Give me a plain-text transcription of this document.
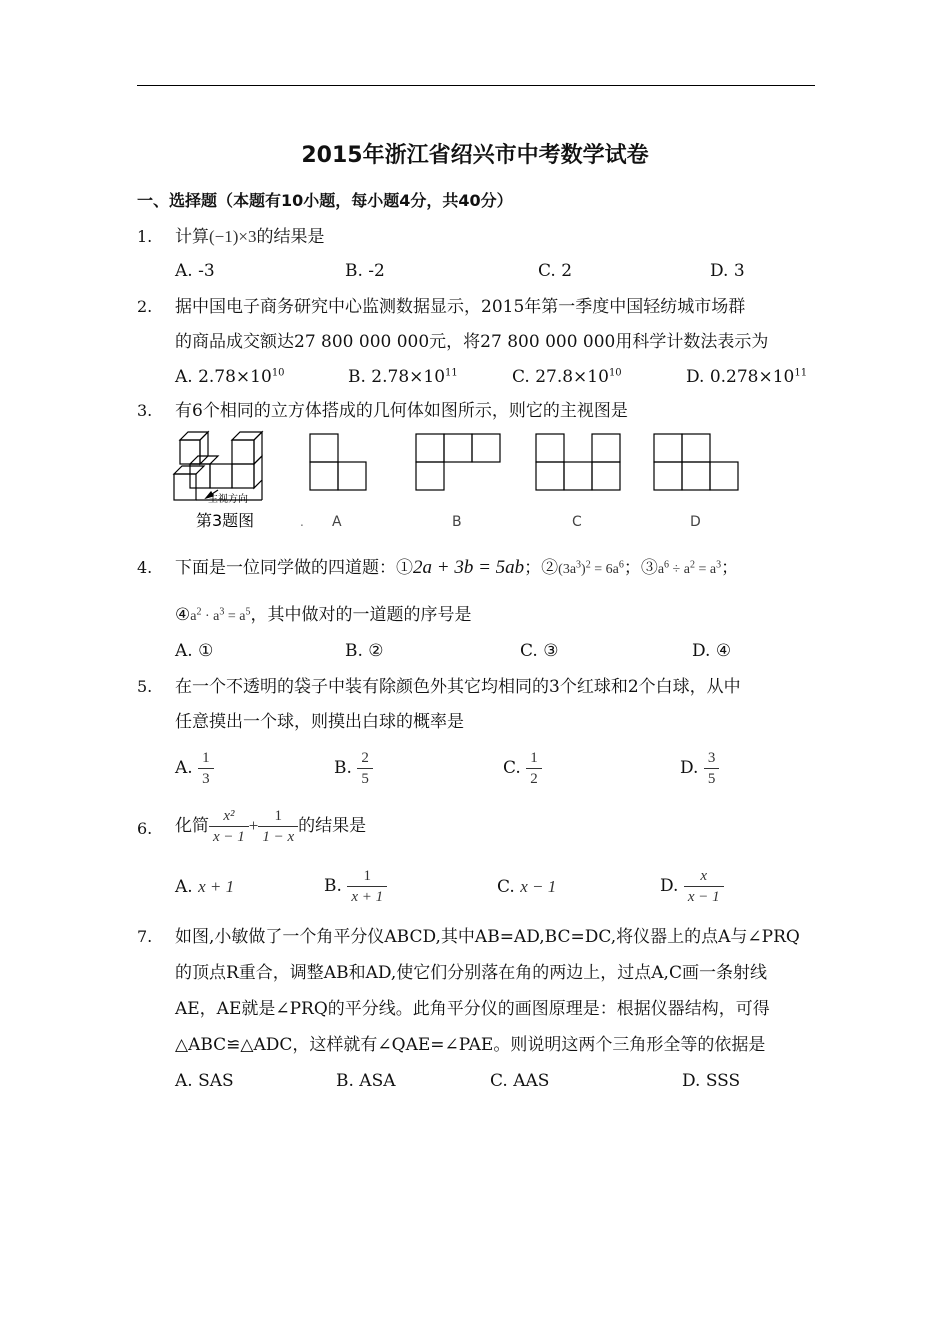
2015年浙江省绍兴市中考数学试卷
一、选择题（本题有10小题，每小题4分，共40分）
1. 计算(−1)×3的结果是
A. -3	B. -2	C. 2	D. 3
2. 据中国电子商务研究中心监测数据显示，2015年第一季度中国轻纺城市场群
的商品成交额达27 800 000 000元，将27 800 000 000用科学计数法表示为
A. $2.78\times 10^{10}$	B. $2.78\times 10^{11}$	C. $27.8\times 10^{10}$	D. $0.278\times 10^{11}$
3. 有6个相同的立方体搭成的几何体如图所示，则它的主视图是
主视方向
第3题图	. A	B	C	D
4. 下面是一位同学做的四道题：①2a + 3b = 5ab；$②(3a^3)^2 = 6a^6$；$③a^6 \div a^2 = a^3$；
$④a^2 \cdot a^3 = a^5$，其中做对的一道题的序号是
A. ①	B. ②	C. ③	D. ④
5. 在一个不透明的袋子中装有除颜色外其它均相同的3个红球和2个白球，从中
任意摸出一个球，则摸出白球的概率是
A. $\frac{1}{3}$	B. $\frac{2}{5}$	C. $\frac{1}{2}$	D. $\frac{3}{5}$
6. 化简 $\frac{\text{x²}}{x - 1} + \frac{1}{1 - x}$ 的结果是
A. x + 1	B. $\frac{1}{x + 1}$	C. x − 1	D. $\frac{x}{x - 1}$
7. 如图,小敏做了一个角平分仪ABCD,其中AB=AD,BC=DC,将仪器上的点A与∠PRQ
的顶点R重合，调整AB和AD,使它们分别落在角的两边上，过点A,C画一条射线
AE，AE就是∠PRQ的平分线。此角平分仪的画图原理是：根据仪器结构，可得
△ABC≌△ADC，这样就有∠QAE=∠PAE。则说明这两个三角形全等的依据是
A. SAS	B. ASA	C. AAS	D. SSS
